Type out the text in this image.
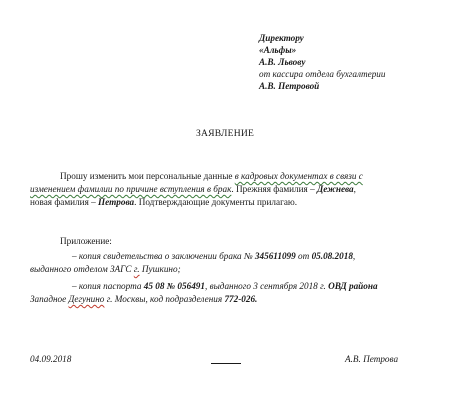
Директору
«Альфы»
А.В. Львову
от кассира отдела бухгалтерии
А.В. Петровой
ЗАЯВЛЕНИЕ
Прошу изменить мои персональные данные в кадровых документах в связи с
изменением фамилии по причине вступления в брак. Прежняя фамилия – Дежнева,
новая фамилия – Петрова. Подтверждающие документы прилагаю.
Приложение:
– копия свидетельства о заключении брака № 345611099 от 05.08.2018,
выданного отделом ЗАГС г. Пушкино;
– копия паспорта 45 08 № 056491, выданного 3 сентября 2018 г. ОВД района
Западное Дегунино г. Москвы, код подразделения 772-026.
04.09.2018	А.В. Петрова
